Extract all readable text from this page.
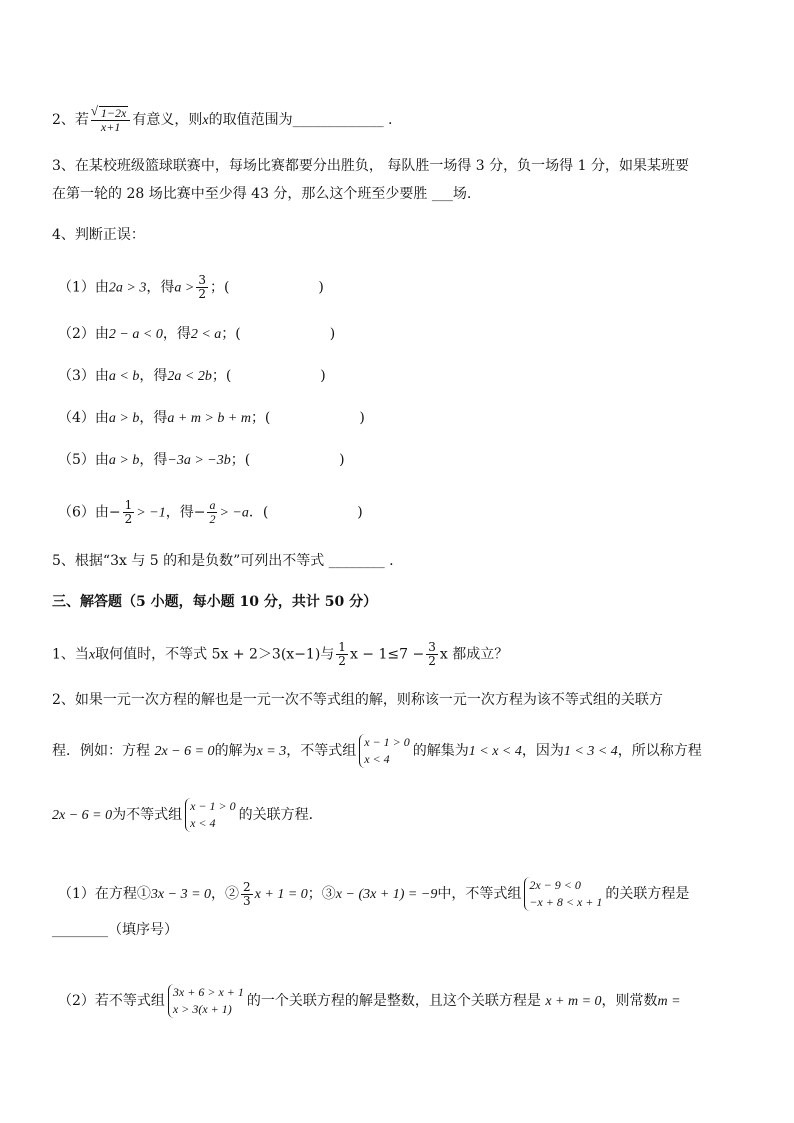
2、若
√ $\frac{1-2x}{x+1}$ 有意义，则x的取值范围为_____________ .
3、在某校班级篮球联赛中，每场比赛都要分出胜负， 每队胜一场得 3 分，负一场得 1 分，如果某班要
在第一轮的 28 场比赛中至少得 43 分，那么这个班至少要胜 ___场.
4、判断正误：
（1）由2a > 3，得$a > \frac{3}{2}$ ；(                    )
（2）由2 − a < 0，得2 < a；(                    )
（3）由a < b，得2a < 2b；(                    )
（4）由a > b，得a + m > b + m；(                    )
（5）由a > b，得−3a > −3b；(                    )
（6）由− $\frac{1}{2} > -1$，得− $\frac{a}{2} > -a$．(                    )
5、根据“3x 与 5 的和是负数”可列出不等式 ________ .
三、解答题（5 小题，每小题 10 分，共计 50 分）
1、当x取何值时，不等式 5x + 2＞3(x−1)与 $\frac{1}{2}$ $x - 1\le 7 - \frac{3}{2}$ x 都成立？
2、如果一元一次方程的解也是一元一次不等式组的解，则称该一元一次方程为该不等式组的关联方
程．例如：方程 2x − 6 = 0的解为x = 3，不等式组
x − 1 > 0
x < 4	的解集为1 < x < 4，因为1 < 3 < 4，所以称方程
2x − 6 = 0为不等式组
x − 1 > 0
x < 4	的关联方程．
（1）在方程①3x − 3 = 0，② $\frac{2}{3}$ x + 1 = 0；③x − (3x + 1) = −9中，不等式组
2x − 9 < 0
−x + 8 < x + 1 的关联方程是
________（填序号）
（2）若不等式组
3x + 6 > x + 1
x > 3(x + 1)	的一个关联方程的解是整数，且这个关联方程是 x + m = 0，则常数m =
